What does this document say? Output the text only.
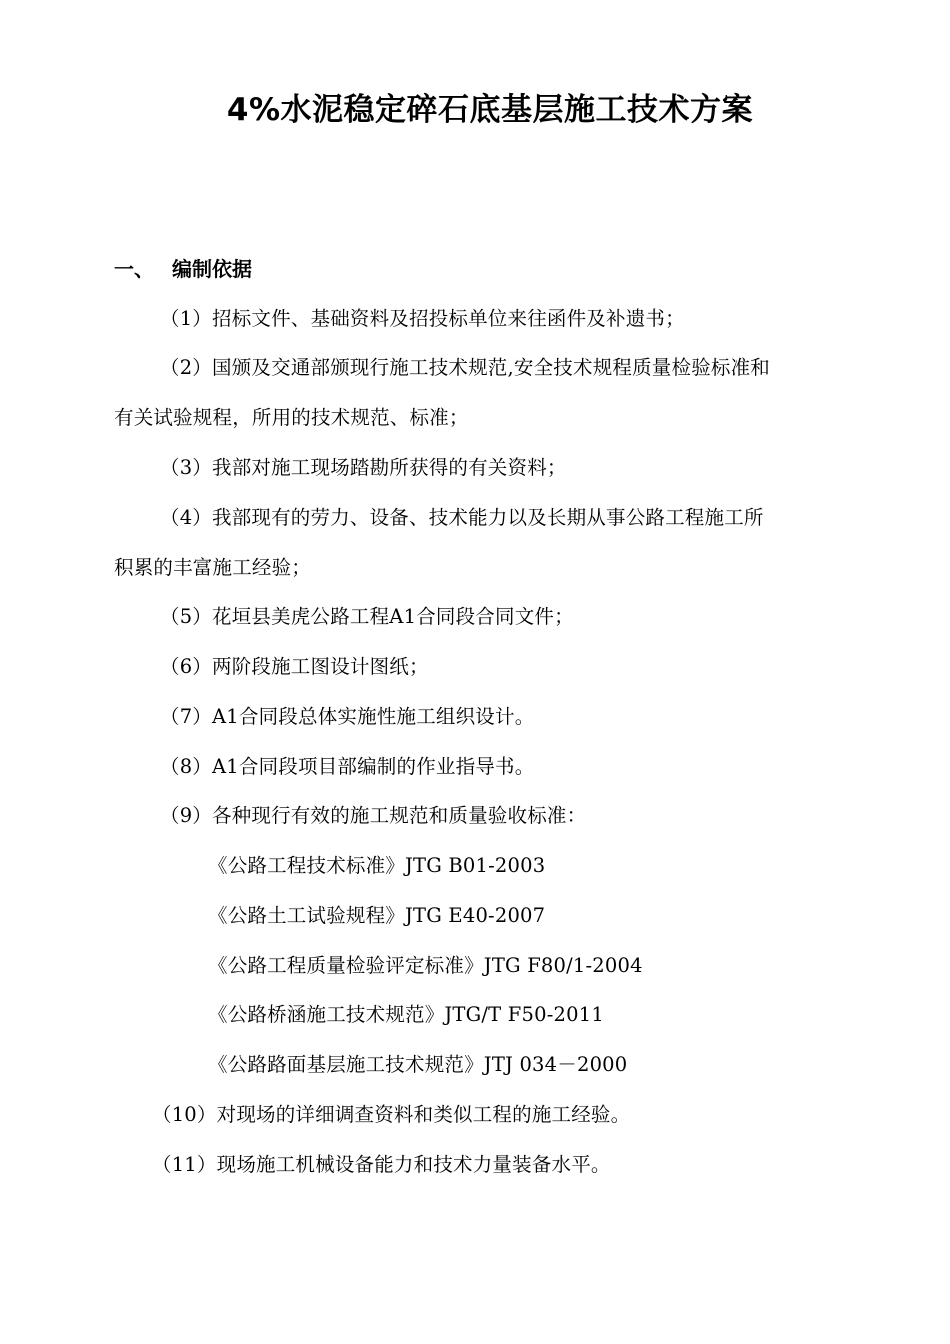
4%水泥稳定碎石底基层施工技术方案
一、 编制依据
（1）招标文件、基础资料及招投标单位来往函件及补遗书；
（2）国颁及交通部颁现行施工技术规范,安全技术规程质量检验标准和
有关试验规程，所用的技术规范、标准；
（3）我部对施工现场踏勘所获得的有关资料；
（4）我部现有的劳力、设备、技术能力以及长期从事公路工程施工所
积累的丰富施工经验；
（5）花垣县美虎公路工程A1合同段合同文件；
（6）两阶段施工图设计图纸；
（7）A1合同段总体实施性施工组织设计。
（8）A1合同段项目部编制的作业指导书。
（9）各种现行有效的施工规范和质量验收标准：
《公路工程技术标准》JTG B01-2003
《公路土工试验规程》JTG E40-2007
《公路工程质量检验评定标准》JTG F80/1-2004
《公路桥涵施工技术规范》JTG/T F50-2011
《公路路面基层施工技术规范》JTJ 034－2000
（10）对现场的详细调查资料和类似工程的施工经验。
（11）现场施工机械设备能力和技术力量装备水平。
